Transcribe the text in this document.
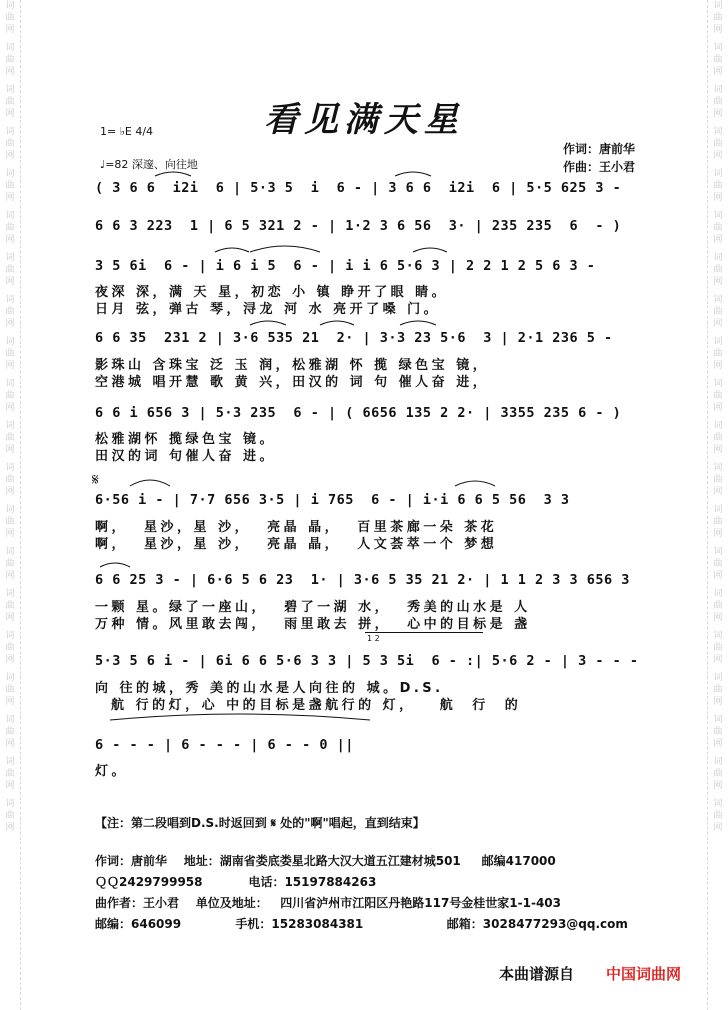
词
曲
网
词
曲
网
词
曲
网
词
曲
网
词
曲
网
词
曲
网
词
曲
网
词
曲
网
词
曲
网
词
曲
网
词
曲
网
词
曲
网
词
曲
网
词
曲
网
词
曲
网
词
曲
网
词
曲
网
词
曲
网
词
曲
网
词
曲
网
词
曲
网
词
曲
网
词
曲
网
词
曲
网
词
曲
网
词
曲
网
词
曲
网
词
曲
网
词
曲
网
词
曲
网
词
曲
网
词
曲
网
词
曲
网
词
曲
网
词
曲
网
词
曲
网
词
曲
网
词
曲
网
词
曲
网
词
曲
网
看见满天星
1= ♭E 4/4
♩=82 深邃、向往地
作词：唐前华
作曲：王小君
( 3 6 6  i2i  6 | 5·3 5  i  6 - | 3 6 6  i2i  6 | 5·5 625 3 -
6 6 3 223  1 | 6 5 321 2 - | 1·2 3 6 56  3· | 235 235  6  - )
3 5 6i  6 - | i 6 i 5  6 - | i i 6 5·6 3 | 2 2 1 2 5 6 3 -
夜深 深，满 天 星，初恋 小 镇 睁开了眼 睛。
日月 弦，弹古 琴，浔龙 河 水 亮开了嗓 门。
6 6 35  231 2 | 3·6 535 21  2· | 3·3 23 5·6  3 | 2·1 236 5 -
影珠山 含珠宝 泛 玉 润，松雅湖 怀 揽 绿色宝 镜，
空港城 唱开慧 歌 黄 兴，田汉的 词 句 催人奋 进，
6 6 i 656 3 | 5·3 235  6 - | ( 6656 135 2 2· | 3355 235 6 - )
松雅湖怀 揽绿色宝 镜。
田汉的词 句催人奋 进。
𝄋
6·56 i - | 7·7 656 3·5 | i 765  6 - | i·i 6 6 5 56  3 3
啊，  星沙，星 沙，  亮晶 晶，  百里茶廊一朵 茶花
啊，  星沙，星 沙，  亮晶 晶，  人文荟萃一个 梦想
6 6 25 3 - | 6·6 5 6 23  1· | 3·6 5 35 21 2· | 1 1 2 3 3 656 3
一颗 星。绿了一座山，  碧了一湖 水，  秀美的山水是 人
万种 情。风里敢去闯，  雨里敢去 拼，  心中的目标是 盏
1 2
5·3 5 6 i - | 6i 6 6 5·6 3 3 | 5 3 5i  6 - :| 5·6 2 - | 3 - - -
向 往的城，秀 美的山水是人向往的 城。D.S.
航 行的灯，心 中的目标是盏航行的 灯，   航  行  的
6 - - - | 6 - - - | 6 - - 0 ||
灯。
【注：第二段唱到D.S.时返回到 𝄋 处的"啊"唱起，直到结束】
作词：唐前华    地址：湖南省娄底娄星北路大汉大道五江建材城501     邮编417000
ＱＱ2429799958           电话：15197884263
曲作者：王小君    单位及地址：   四川省泸州市江阳区丹艳路117号金桂世家1-1-403
邮编：646099             手机：15283084381                    邮箱：3028477293@qq.com
本曲谱源自 中国词曲网
